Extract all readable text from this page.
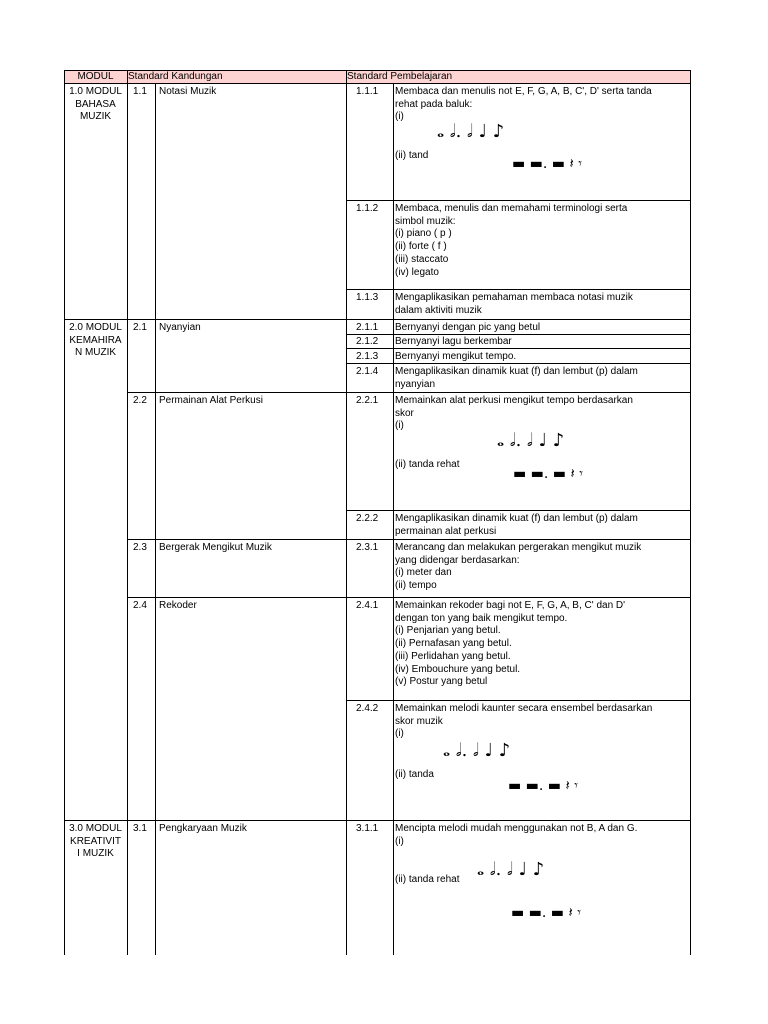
MODUL	Standard Kandungan	Standard Pembelajaran
1.0 MODUL
BAHASA
MUZIK
2.0 MODUL
KEMAHIRA
N MUZIK
3.0 MODUL
KREATIVIT
I MUZIK
1.1 Notasi Muzik
2.1 Nyanyian
2.2 Permainan Alat Perkusi
2.3 Bergerak Mengikut Muzik
2.4 Rekoder
3.1 Pengkaryaan Muzik
1.1.1
1.1.2
1.1.3
2.1.1
2.1.2
2.1.3
2.1.4
2.2.1
2.2.2
2.3.1
2.4.1
2.4.2
3.1.1
Membaca dan menulis not E, F, G, A, B, C', D' serta tanda
rehat pada baluk:
(i)
(ii) tand
Membaca, menulis dan memahami terminologi serta
simbol muzik:
(i) piano ( p )
(ii) forte ( f )
(iii) staccato
(iv) legato
Mengaplikasikan pemahaman membaca notasi muzik
dalam aktiviti muzik
Bernyanyi dengan pic yang betul
Bernyanyi lagu berkembar
Bernyanyi mengikut tempo.
Mengaplikasikan dinamik kuat (f) dan lembut (p) dalam
nyanyian
Memainkan alat perkusi mengikut tempo berdasarkan
skor
(i)
(ii) tanda rehat
Mengaplikasikan dinamik kuat (f) dan lembut (p) dalam
permainan alat perkusi
Merancang dan melakukan pergerakan mengikut muzik
yang didengar berdasarkan:
(i) meter dan
(ii) tempo
Memainkan rekoder bagi not E, F, G, A, B, C' dan D'
dengan ton yang baik mengikut tempo.
(i) Penjarian yang betul.
(ii) Pernafasan yang betul.
(iii) Perlidahan yang betul.
(iv) Embouchure yang betul.
(v) Postur yang betul
Memainkan melodi kaunter secara ensembel berdasarkan
skor muzik
(i)
(ii) tanda
Mencipta melodi mudah menggunakan not B, A dan G.
(i)
(ii) tanda rehat
𝅝 𝅗𝅥. 𝅗𝅥 ♩ ♪
▬ ▬. ▬ 𝄽 𝄾
𝅝 𝅗𝅥. 𝅗𝅥 ♩ ♪
▬ ▬. ▬ 𝄽 𝄾
𝅝 𝅗𝅥. 𝅗𝅥 ♩ ♪
▬ ▬. ▬ 𝄽 𝄾
𝅝 𝅗𝅥. 𝅗𝅥 ♩ ♪
▬ ▬. ▬ 𝄽 𝄾
